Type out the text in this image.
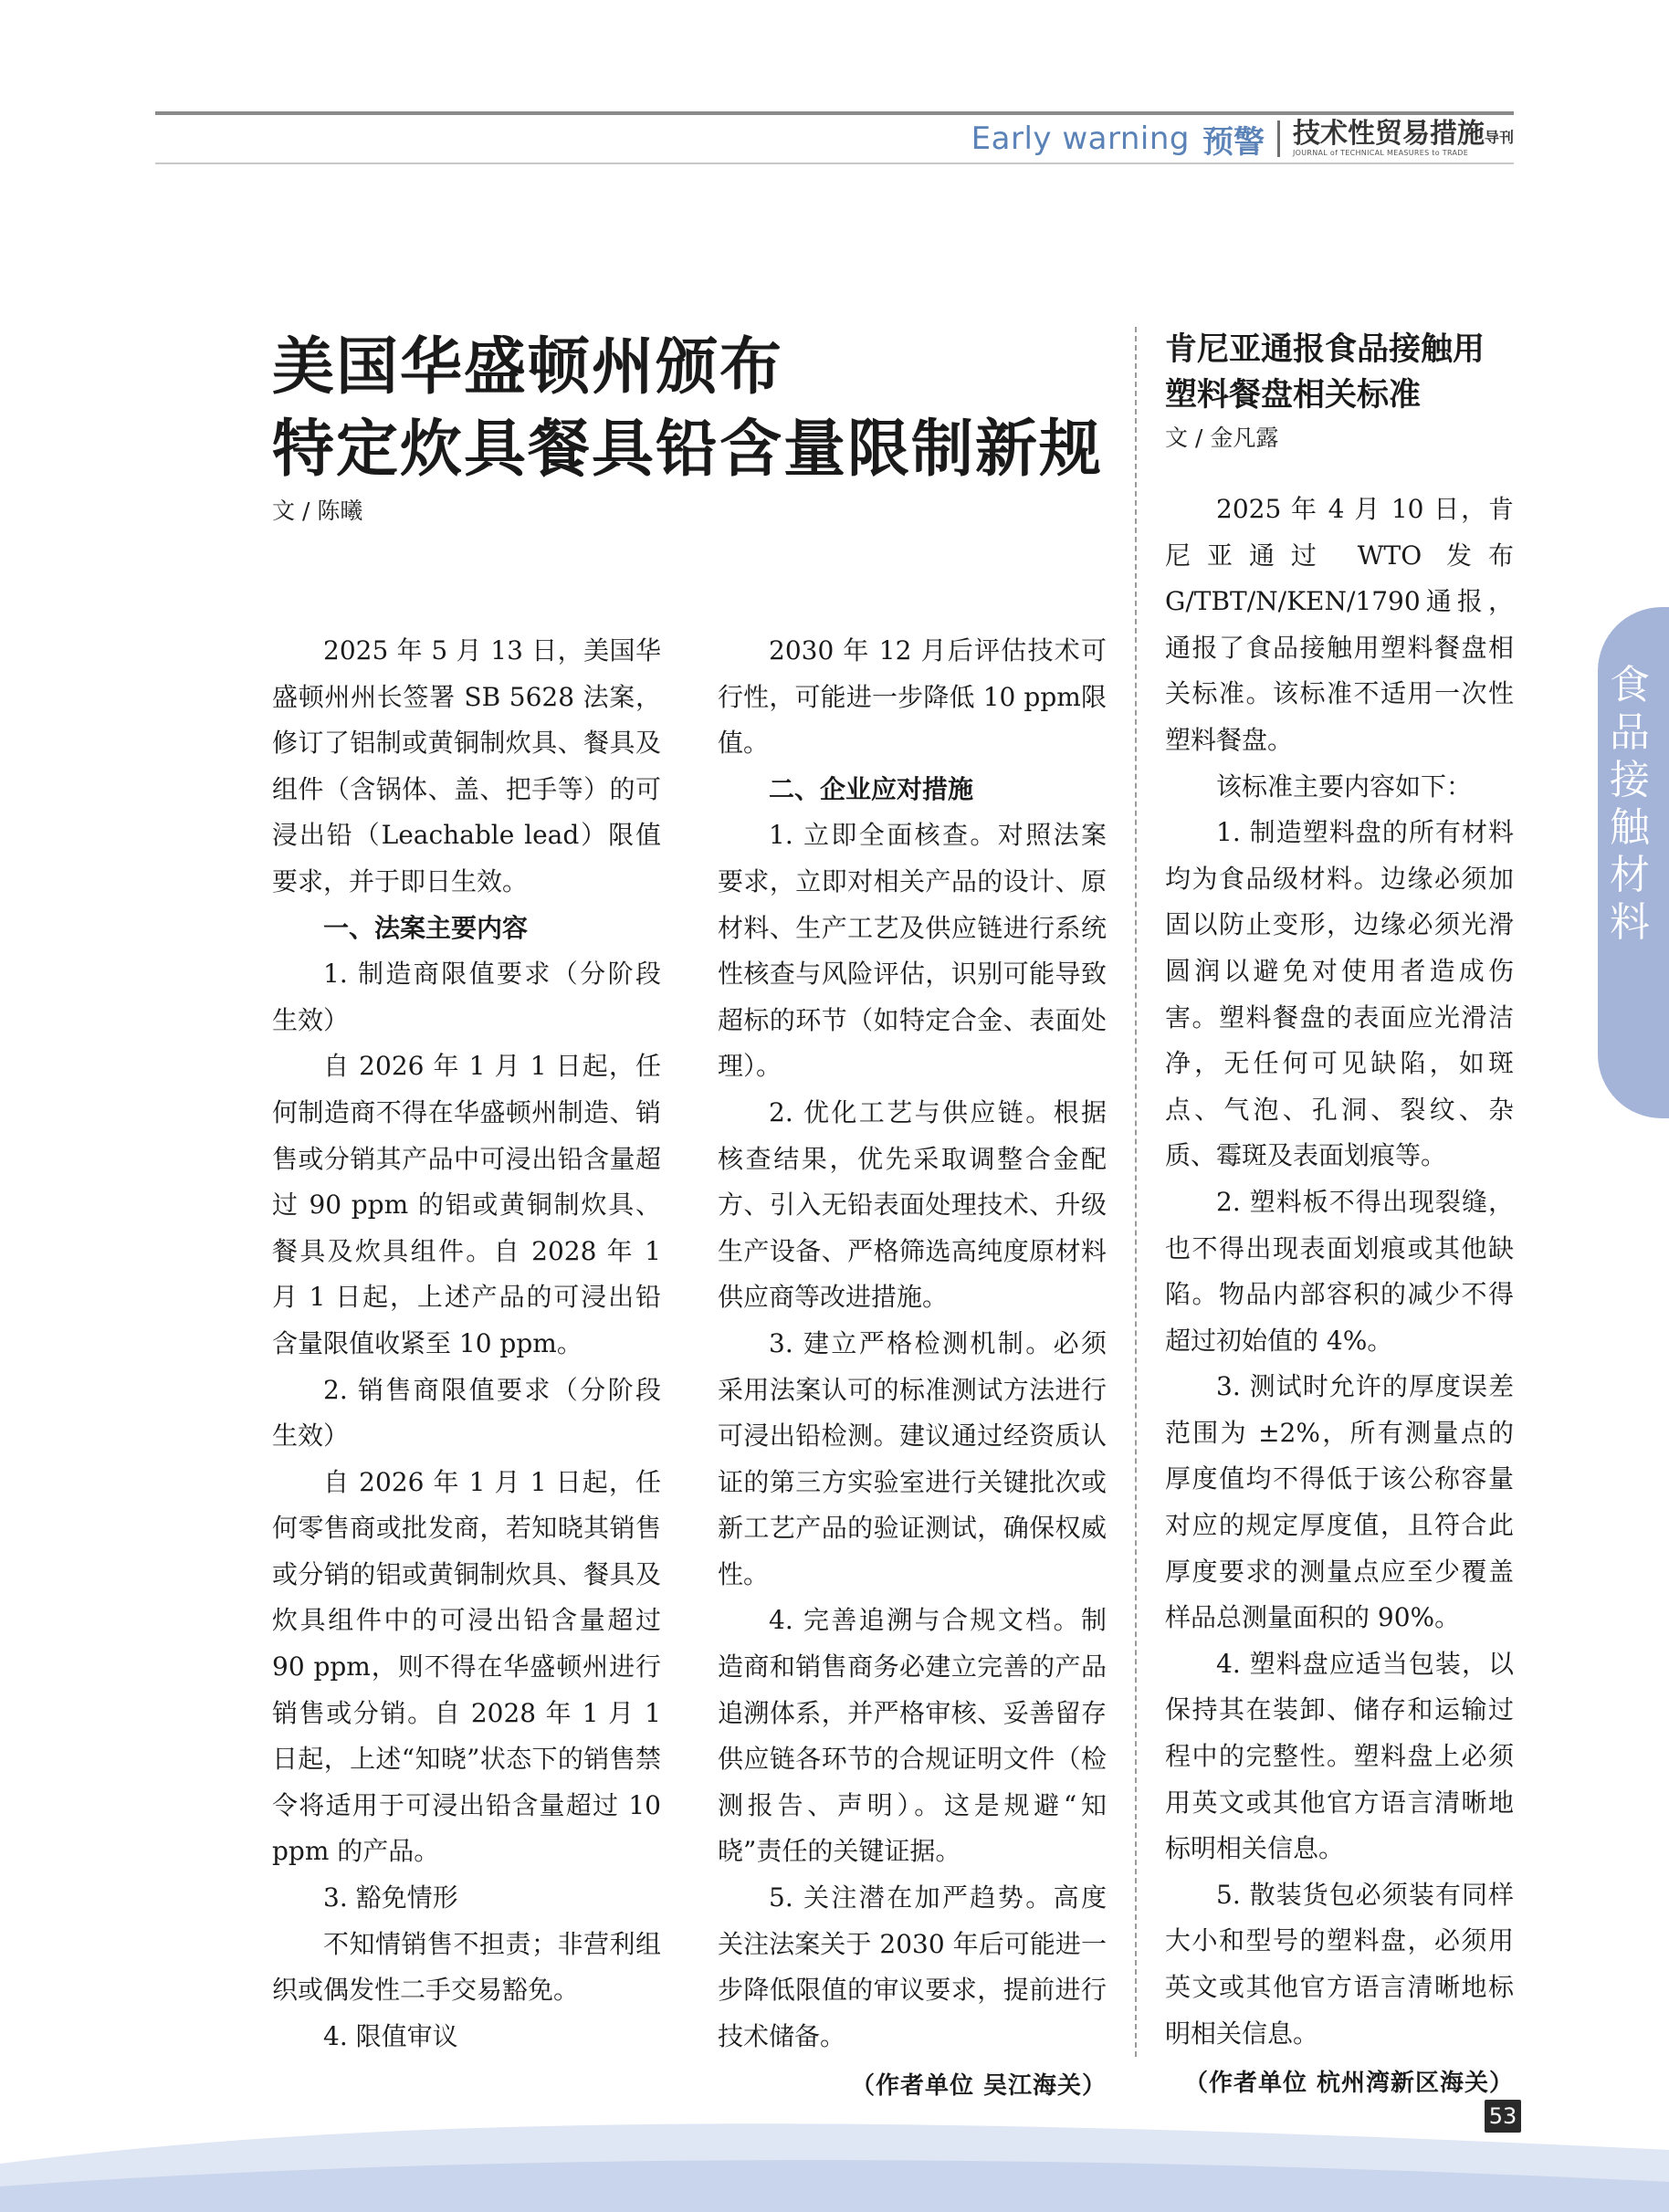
Early warning 预警 技术性贸易措施导刊
JOURNAL of TECHNICAL MEASURES to TRADE
美国华盛顿州颁布
特定炊具餐具铅含量限制新规
文 / 陈曦

2025 年 5 月 13 日，美国华盛顿州州长签署 SB 5628 法案，修订了铝制或黄铜制炊具、餐具及组件（含锅体、盖、把手等）的可浸出铅（Leachable lead）限值要求，并于即日生效。

一、法案主要内容

1. 制造商限值要求（分阶段生效）

自 2026 年 1 月 1 日起，任何制造商不得在华盛顿州制造、销售或分销其产品中可浸出铅含量超过 90 ppm 的铝或黄铜制炊具、餐具及炊具组件。自 2028 年 1 月 1 日起，上述产品的可浸出铅含量限值收紧至 10 ppm。

2. 销售商限值要求（分阶段生效）

自 2026 年 1 月 1 日起，任何零售商或批发商，若知晓其销售或分销的铝或黄铜制炊具、餐具及炊具组件中的可浸出铅含量超过 90 ppm，则不得在华盛顿州进行销售或分销。自 2028 年 1 月 1 日起，上述“知晓”状态下的销售禁令将适用于可浸出铅含量超过 10 ppm 的产品。

3. 豁免情形

不知情销售不担责；非营利组织或偶发性二手交易豁免。

4. 限值审议

2030 年 12 月后评估技术可行性，可能进一步降低 10 ppm限值。

二、企业应对措施

1. 立即全面核查。对照法案要求，立即对相关产品的设计、原材料、生产工艺及供应链进行系统性核查与风险评估，识别可能导致超标的环节（如特定合金、表面处理）。

2. 优化工艺与供应链。根据核查结果，优先采取调整合金配方、引入无铅表面处理技术、升级生产设备、严格筛选高纯度原材料供应商等改进措施。

3. 建立严格检测机制。必须采用法案认可的标准测试方法进行可浸出铅检测。建议通过经资质认证的第三方实验室进行关键批次或新工艺产品的验证测试，确保权威性。

4. 完善追溯与合规文档。制造商和销售商务必建立完善的产品追溯体系，并严格审核、妥善留存供应链各环节的合规证明文件（检测报告、声明）。这是规避“知晓”责任的关键证据。

5. 关注潜在加严趋势。高度关注法案关于 2030 年后可能进一步降低限值的审议要求，提前进行技术储备。

（作者单位 吴江海关）

肯尼亚通报食品接触用
塑料餐盘相关标准
文 / 金凡露

2025 年 4 月 10 日，肯尼亚通过 WTO 发布 G/TBT/N/KEN/1790通报，通报了食品接触用塑料餐盘相关标准。该标准不适用一次性塑料餐盘。

该标准主要内容如下：

1. 制造塑料盘的所有材料均为食品级材料。边缘必须加固以防止变形，边缘必须光滑圆润以避免对使用者造成伤害。塑料餐盘的表面应光滑洁净，无任何可见缺陷，如斑点、气泡、孔洞、裂纹、杂质、霉斑及表面划痕等。

2. 塑料板不得出现裂缝，也不得出现表面划痕或其他缺陷。物品内部容积的减少不得超过初始值的 4%。

3. 测试时允许的厚度误差范围为 ±2%，所有测量点的厚度值均不得低于该公称容量对应的规定厚度值，且符合此厚度要求的测量点应至少覆盖样品总测量面积的 90%。

4. 塑料盘应适当包装，以保持其在装卸、储存和运输过程中的完整性。塑料盘上必须用英文或其他官方语言清晰地标明相关信息。

5. 散装货包必须装有同样大小和型号的塑料盘，必须用英文或其他官方语言清晰地标明相关信息。

（作者单位 杭州湾新区海关）

食品接触材料
53
